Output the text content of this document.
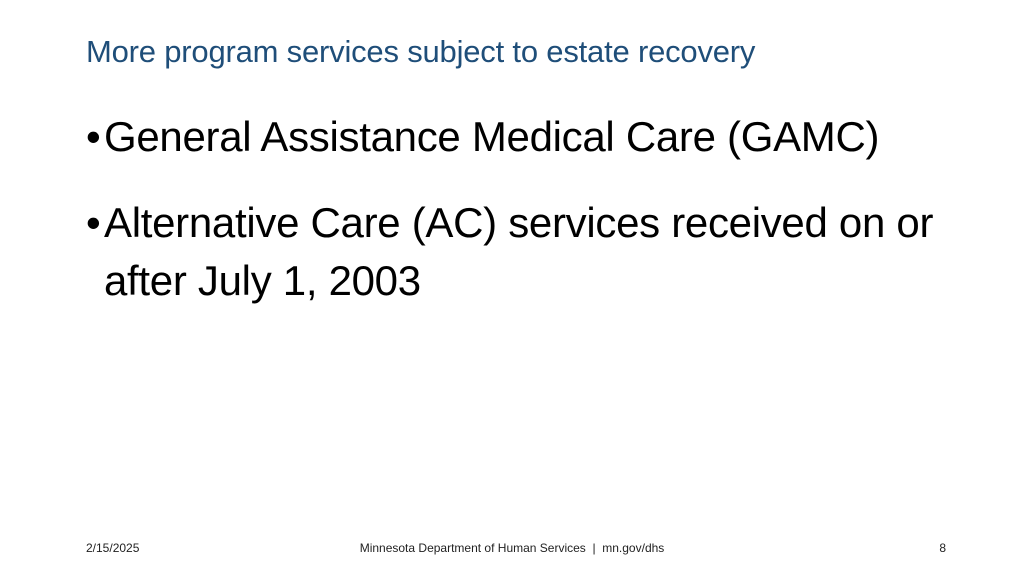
More program services subject to estate recovery
• General Assistance Medical Care (GAMC)
• Alternative Care (AC) services received on or after July 1, 2003
2/15/2025	Minnesota Department of Human Services  |  mn.gov/dhs	8
